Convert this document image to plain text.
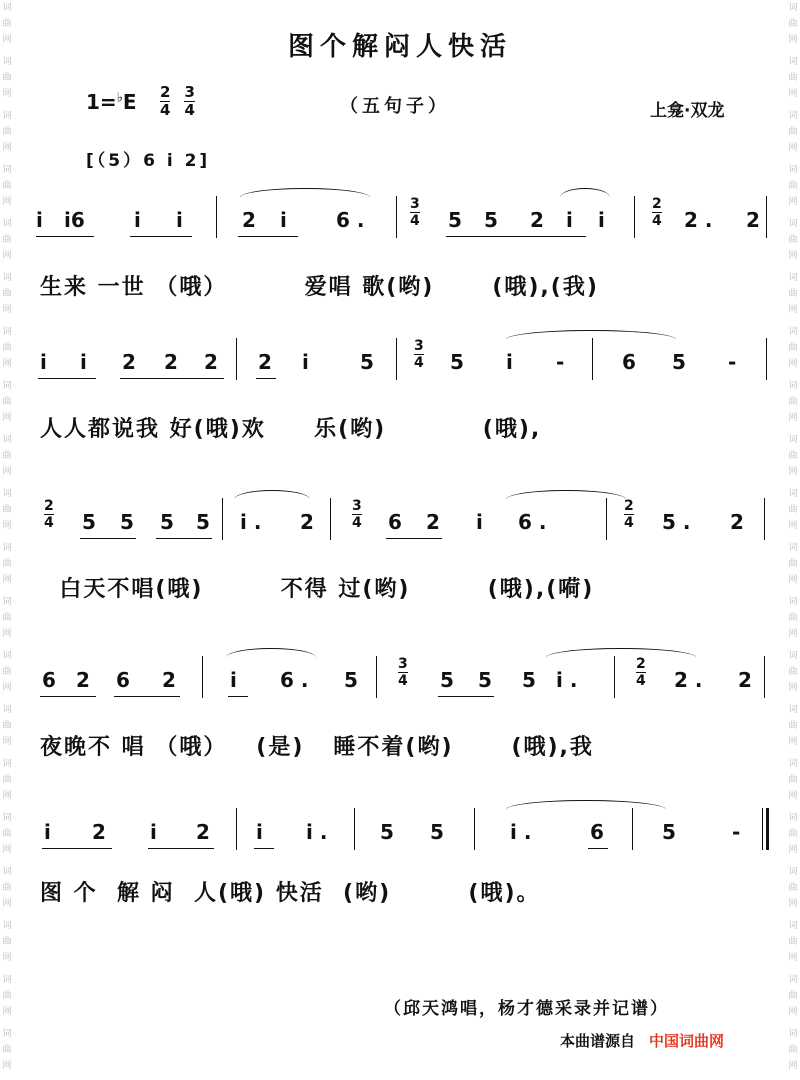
词曲网
词曲网
词曲网
词曲网
词曲网
词曲网
词曲网
词曲网
词曲网
词曲网
词曲网
词曲网
词曲网
词曲网
词曲网
词曲网
词曲网
词曲网
词曲网
词曲网
词曲网
词曲网
词曲网
词曲网
词曲网
词曲网
词曲网
词曲网
词曲网
词曲网
词曲网
词曲网
词曲网
词曲网
词曲网
词曲网
词曲网
词曲网
词曲网
词曲网
图个解闷人快活
1=♭E 2
4
3
4	（五句子）	上龛·双龙
[（5）6 i 2]
i i6 i i	2 i 6 .
3
4 5 5 2 i i
2
4 2 . 2
生来 一世 （哦）        爱唱 歌(哟)      (哦),(我)
i i 2 2 2 2 i	5
3
4 5 i -	6 5 -
人人都说我 好(哦)欢     乐(哟)          (哦),
2
4 5 5 5 5 i . 2
3
4 6 2 i 6 .
2
4 5 . 2
白天不唱(哦)        不得 过(哟)        (哦),(嗬)
6 2 6 2	i 6 . 5
3
4 5 5 5 i .
2
4 2 . 2
夜晚不 唱 （哦）   (是)   睡不着(哟)      (哦),我
i 2 i 2 i i .	5 5	i .	6	5	-
图 个  解 闷  人(哦) 快活  (哟)        (哦)。
（邱天鸿唱，杨才德采录并记谱）
本曲谱源自 中国词曲网
